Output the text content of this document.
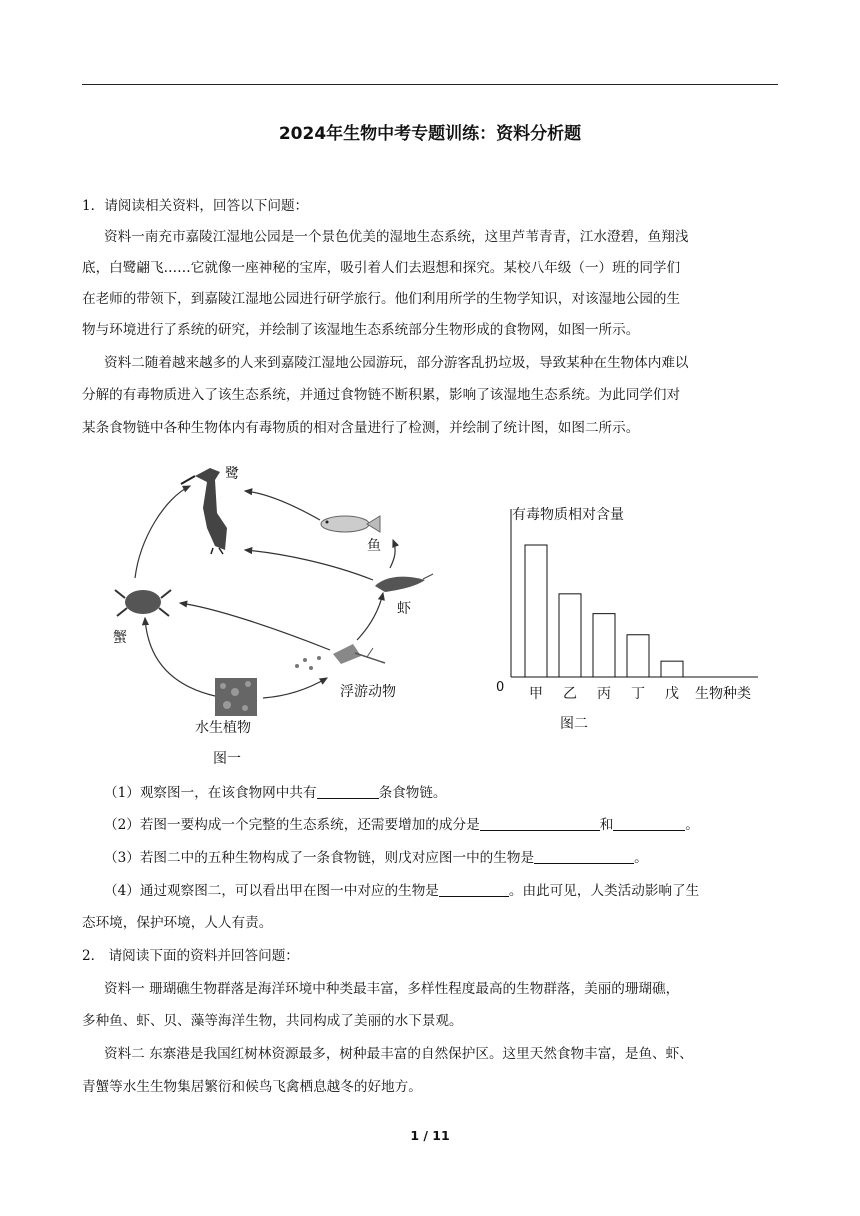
2024年生物中考专题训练：资料分析题
1．请阅读相关资料，回答以下问题：
资料一南充市嘉陵江湿地公园是一个景色优美的湿地生态系统，这里芦苇青青，江水澄碧，鱼翔浅
底，白鹭翩飞……它就像一座神秘的宝库，吸引着人们去遐想和探究。某校八年级（一）班的同学们
在老师的带领下，到嘉陵江湿地公园进行研学旅行。他们利用所学的生物学知识，对该湿地公园的生
物与环境进行了系统的研究，并绘制了该湿地生态系统部分生物形成的食物网，如图一所示。
资料二随着越来越多的人来到嘉陵江湿地公园游玩，部分游客乱扔垃圾，导致某种在生物体内难以
分解的有毒物质进入了该生态系统，并通过食物链不断积累，影响了该湿地生态系统。为此同学们对
某条食物链中各种生物体内有毒物质的相对含量进行了检测，并绘制了统计图，如图二所示。
鹭
鱼
虾
蟹
浮游动物
水生植物
图一
有毒物质相对含量
0	生物种类
图二
甲 乙 丙 丁 戊
（1）观察图一，在该食物网中共有	条食物链。
（2）若图一要构成一个完整的生态系统，还需要增加的成分是	和	。
（3）若图二中的五种生物构成了一条食物链，则戊对应图一中的生物是	。
（4）通过观察图二，可以看出甲在图一中对应的生物是	。由此可见，人类活动影响了生
态环境，保护环境，人人有责。
2． 请阅读下面的资料并回答问题：
资料一 珊瑚礁生物群落是海洋环境中种类最丰富，多样性程度最高的生物群落，美丽的珊瑚礁，
多种鱼、虾、贝、藻等海洋生物，共同构成了美丽的水下景观。
资料二 东寨港是我国红树林资源最多，树种最丰富的自然保护区。这里天然食物丰富，是鱼、虾、
青蟹等水生生物集居繁衍和候鸟飞禽栖息越冬的好地方。
1 / 11
